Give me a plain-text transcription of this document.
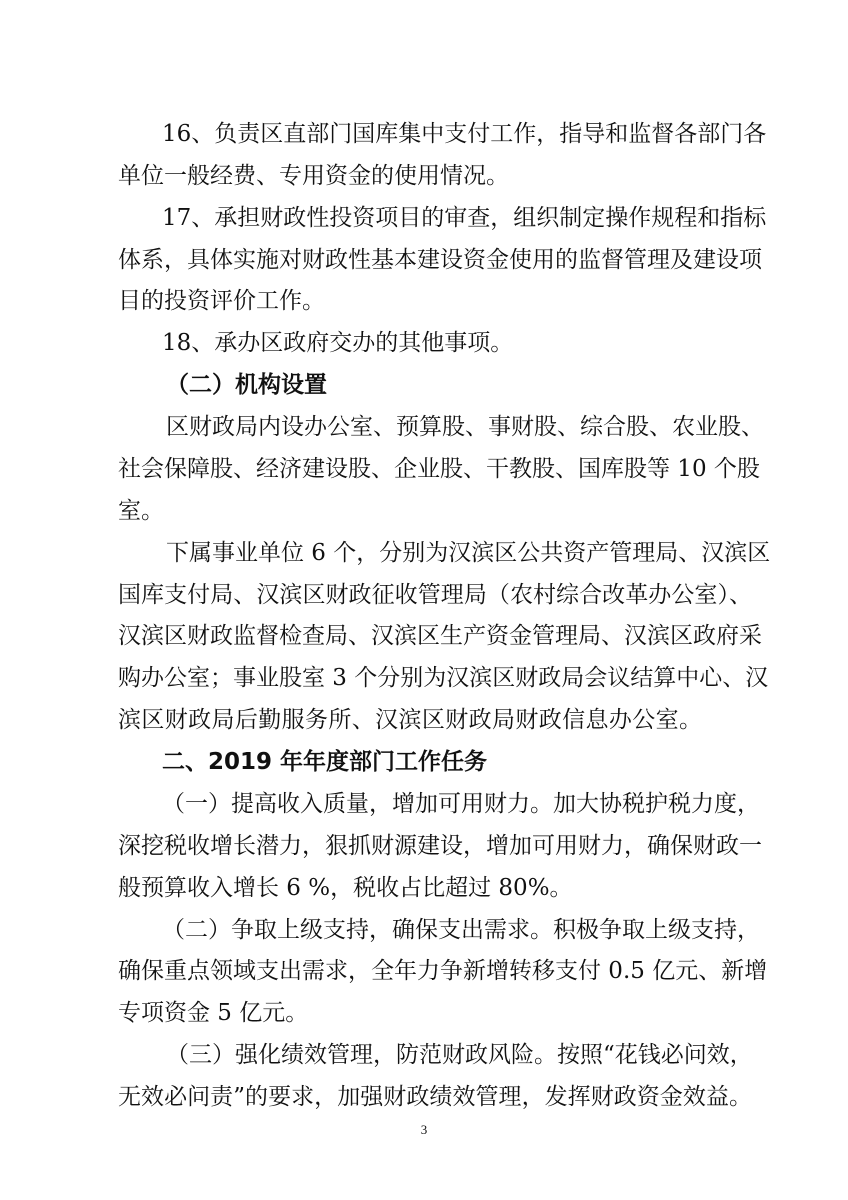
16、负责区直部门国库集中支付工作，指导和监督各部门各
单位一般经费、专用资金的使用情况。
17、承担财政性投资项目的审查，组织制定操作规程和指标
体系，具体实施对财政性基本建设资金使用的监督管理及建设项
目的投资评价工作。
18、承办区政府交办的其他事项。
（二）机构设置
区财政局内设办公室、预算股、事财股、综合股、农业股、
社会保障股、经济建设股、企业股、干教股、国库股等 10 个股
室。
下属事业单位 6 个，分别为汉滨区公共资产管理局、汉滨区
国库支付局、汉滨区财政征收管理局（农村综合改革办公室）、
汉滨区财政监督检查局、汉滨区生产资金管理局、汉滨区政府采
购办公室；事业股室 3 个分别为汉滨区财政局会议结算中心、汉
滨区财政局后勤服务所、汉滨区财政局财政信息办公室。
二、2019 年年度部门工作任务
（一）提高收入质量，增加可用财力。加大协税护税力度，
深挖税收增长潜力，狠抓财源建设，增加可用财力，确保财政一
般预算收入增长 6 %，税收占比超过 80%。
（二）争取上级支持，确保支出需求。积极争取上级支持，
确保重点领域支出需求，全年力争新增转移支付 0.5 亿元、新增
专项资金 5 亿元。
（三）强化绩效管理，防范财政风险。按照“花钱必问效，
无效必问责”的要求，加强财政绩效管理，发挥财政资金效益。
3
